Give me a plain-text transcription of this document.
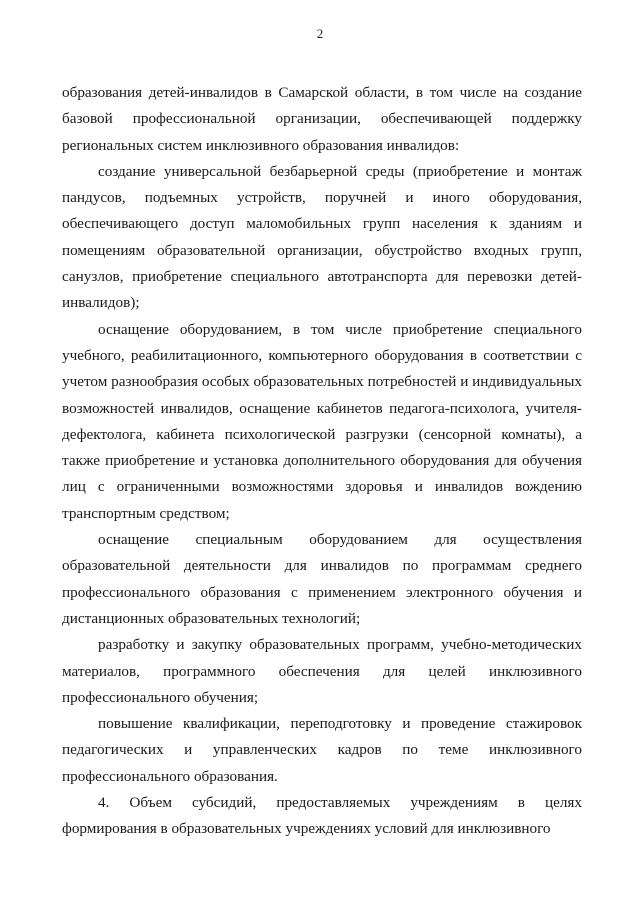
2
образования детей-инвалидов в Самарской области, в том числе на создание
базовой профессиональной организации, обеспечивающей поддержку
региональных систем инклюзивного образования инвалидов:
создание универсальной безбарьерной среды (приобретение и монтаж
пандусов, подъемных устройств, поручней и иного оборудования,
обеспечивающего доступ маломобильных групп населения к зданиям и
помещениям образовательной организации, обустройство входных групп,
санузлов, приобретение специального автотранспорта для перевозки детей-
инвалидов);
оснащение оборудованием, в том числе приобретение специального
учебного, реабилитационного, компьютерного оборудования в соответствии с
учетом разнообразия особых образовательных потребностей и индивидуальных
возможностей инвалидов, оснащение кабинетов педагога-психолога, учителя-
дефектолога, кабинета психологической разгрузки (сенсорной комнаты), а
также приобретение и установка дополнительного оборудования для обучения
лиц с ограниченными возможностями здоровья и инвалидов вождению
транспортным средством;
оснащение специальным оборудованием для осуществления
образовательной деятельности для инвалидов по программам среднего
профессионального образования с применением электронного обучения и
дистанционных образовательных технологий;
разработку и закупку образовательных программ, учебно-методических
материалов, программного обеспечения для целей инклюзивного
профессионального обучения;
повышение квалификации, переподготовку и проведение стажировок
педагогических и управленческих кадров по теме инклюзивного
профессионального образования.
4. Объем субсидий, предоставляемых учреждениям в целях
формирования в образовательных учреждениях условий для инклюзивного
